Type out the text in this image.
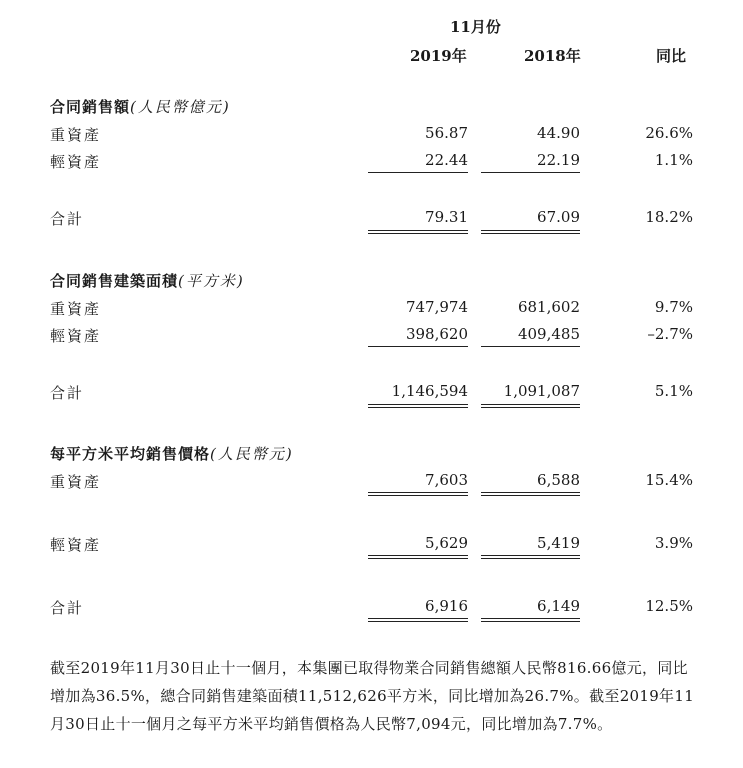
11月份
2019年	2018年	同比
合同銷售額(人民幣億元)
重資產	56.87	44.90	26.6%
輕資產	22.44	22.19	1.1%
合計	79.31	67.09	18.2%
合同銷售建築面積(平方米)
重資產	747,974	681,602	9.7%
輕資產	398,620	409,485	–2.7%
合計	1,146,594 1,091,087	5.1%
每平方米平均銷售價格(人民幣元)
重資產	7,603	6,588	15.4%
輕資產	5,629	5,419	3.9%
合計	6,916	6,149	12.5%
截至2019年11月30日止十一個月，本集團已取得物業合同銷售總額人民幣816.66億元，同比增加為36.5%，總合同銷售建築面積11,512,626平方米，同比增加為26.7%。截至2019年11月30日止十一個月之每平方米平均銷售價格為人民幣7,094元，同比增加為7.7%。
